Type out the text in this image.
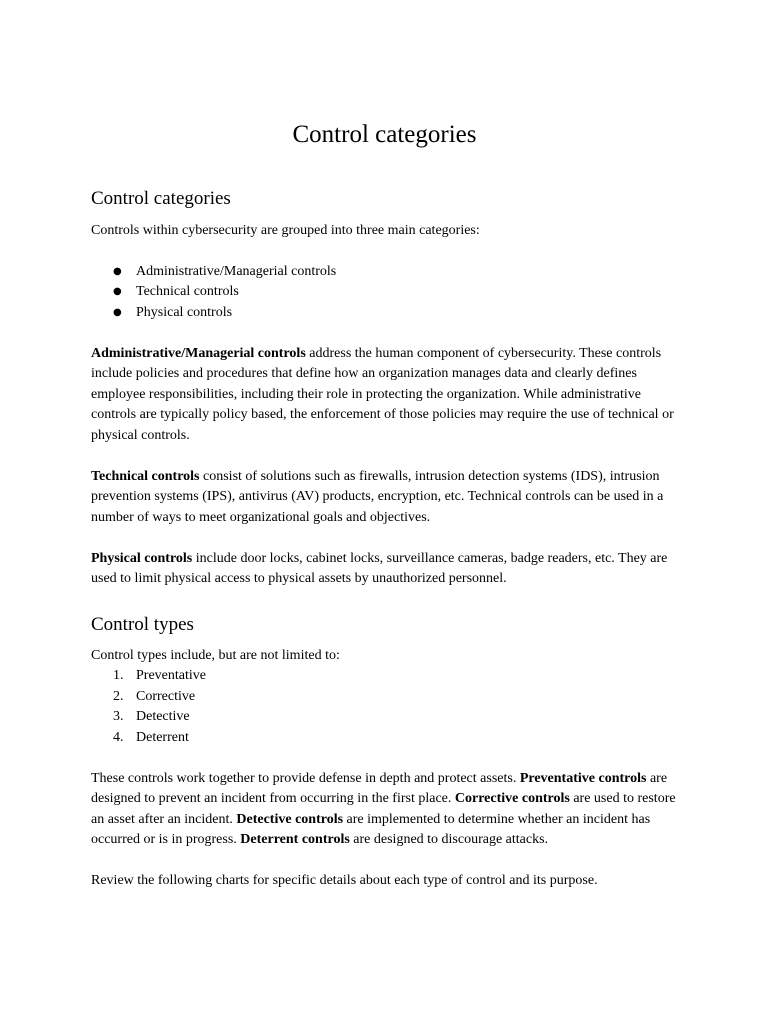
Control categories
Control categories

Controls within cybersecurity are grouped into three main categories:

● Administrative/Managerial controls
● Technical controls
● Physical controls

Administrative/Managerial controls address the human component of cybersecurity. These controls include policies and procedures that define how an organization manages data and clearly defines employee responsibilities, including their role in protecting the organization. While administrative controls are typically policy based, the enforcement of those policies may require the use of technical or physical controls.

Technical controls consist of solutions such as firewalls, intrusion detection systems (IDS), intrusion prevention systems (IPS), antivirus (AV) products, encryption, etc. Technical controls can be used in a number of ways to meet organizational goals and objectives.

Physical controls include door locks, cabinet locks, surveillance cameras, badge readers, etc. They are used to limit physical access to physical assets by unauthorized personnel.

Control types

Control types include, but are not limited to:

1. Preventative
2. Corrective
3. Detective
4. Deterrent

These controls work together to provide defense in depth and protect assets. Preventative controls are designed to prevent an incident from occurring in the first place. Corrective controls are used to restore an asset after an incident. Detective controls are implemented to determine whether an incident has occurred or is in progress. Deterrent controls are designed to discourage attacks.

Review the following charts for specific details about each type of control and its purpose.
